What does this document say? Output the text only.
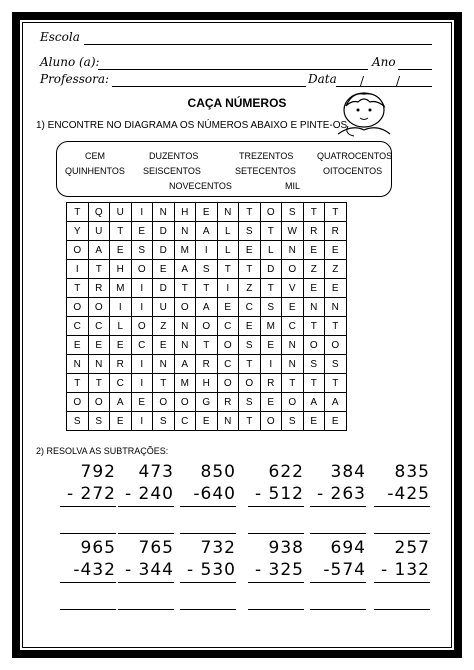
Escola
Aluno (a):	Ano
Professora:	Data /	/
CAÇA NÚMEROS
1) ENCONTRE NO DIAGRAMA OS NÚMEROS ABAIXO E PINTE-OS
CEM	DUZENTOS	TREZENTOS	QUATROCENTOS
QUINHENTOS SEISCENTOS	SETECENTOS	OITOCENTOS
NOVECENTOS	MIL
T	Q	U	I	N	H	E	N	T	O	S	T	T
Y	U	T	E	D	N	A	L	S	T	W	R	R
O	A	E	S	D	M	I	L	E	L	N	E	E
I	T	H	O	E	A	S	T	T	D	O	Z	Z
T	R	M	I	D	T	T	I	Z	T	V	E	E
O	O	I	I	U	O	A	E	C	S	E	N	N
C	C	L	O	Z	N	O	C	E	M	C	T	T
E	E	E	C	E	N	T	O	S	E	N	O	O
N	N	R	I	N	A	R	C	T	I	N	S	S
T	T	C	I	T	M	H	O	O	R	T	T	T
O	O	A	E	O	O	G	R	S	E	O	A	A
S	S	E	I	S	C	E	N	T	O	S	E	E
2) RESOLVA AS SUBTRAÇÕES:
792
- 272
473
- 240
850
-640
622
- 512
384
- 263
835
-425
965
-432
765
- 344
732
- 530
938
- 325
694
-574
257
- 132
